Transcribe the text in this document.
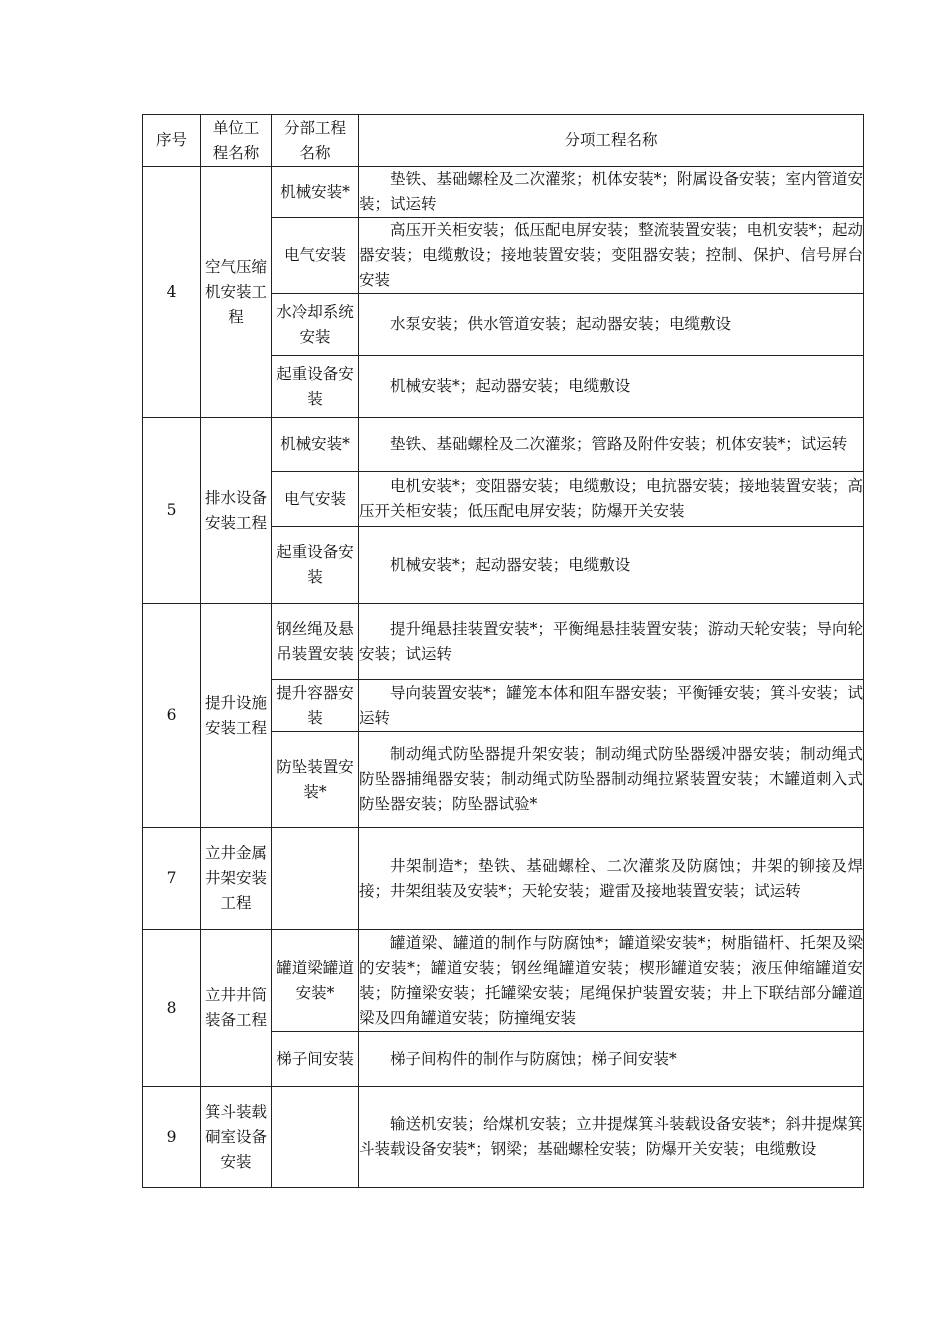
序号	单位工程名称	分部工程名称	分项工程名称
4	空气压缩机安装工程	机械安装*	垫铁、基础螺栓及二次灌浆；机体安装*；附属设备安装；室内管道安装；试运转

		电气安装	高压开关柜安装；低压配电屏安装；整流装置安装；电机安装*；起动器安装；电缆敷设；接地装置安装；变阻器安装；控制、保护、信号屏台安装

		水冷却系统安装	水泵安装；供水管道安装；起动器安装；电缆敷设

		起重设备安装	机械安装*；起动器安装；电缆敷设

5	排水设备安装工程	机械安装*	垫铁、基础螺栓及二次灌浆；管路及附件安装；机体安装*；试运转

		电气安装	电机安装*；变阻器安装；电缆敷设；电抗器安装；接地装置安装；高压开关柜安装；低压配电屏安装；防爆开关安装

		起重设备安装	机械安装*；起动器安装；电缆敷设

6	提升设施安装工程	钢丝绳及悬吊装置安装	提升绳悬挂装置安装*；平衡绳悬挂装置安装；游动天轮安装；导向轮安装；试运转

		提升容器安装	导向装置安装*；罐笼本体和阻车器安装；平衡锤安装；箕斗安装；试运转

		防坠装置安装*	制动绳式防坠器提升架安装；制动绳式防坠器缓冲器安装；制动绳式防坠器捕绳器安装；制动绳式防坠器制动绳拉紧装置安装；木罐道刺入式防坠器安装；防坠器试验*

7	立井金属井架安装工程		井架制造*；垫铁、基础螺栓、二次灌浆及防腐蚀；井架的铆接及焊接；井架组装及安装*；天轮安装；避雷及接地装置安装；试运转

8	立井井筒装备工程	罐道梁罐道安装*	罐道梁、罐道的制作与防腐蚀*；罐道梁安装*；树脂锚杆、托架及梁的安装*；罐道安装；钢丝绳罐道安装；楔形罐道安装；液压伸缩罐道安装；防撞梁安装；托罐梁安装；尾绳保护装置安装；井上下联结部分罐道梁及四角罐道安装；防撞绳安装

		梯子间安装	梯子间构件的制作与防腐蚀；梯子间安装*

9	箕斗装载硐室设备安装		输送机安装；给煤机安装；立井提煤箕斗装载设备安装*；斜井提煤箕斗装载设备安装*；钢梁；基础螺栓安装；防爆开关安装；电缆敷设
